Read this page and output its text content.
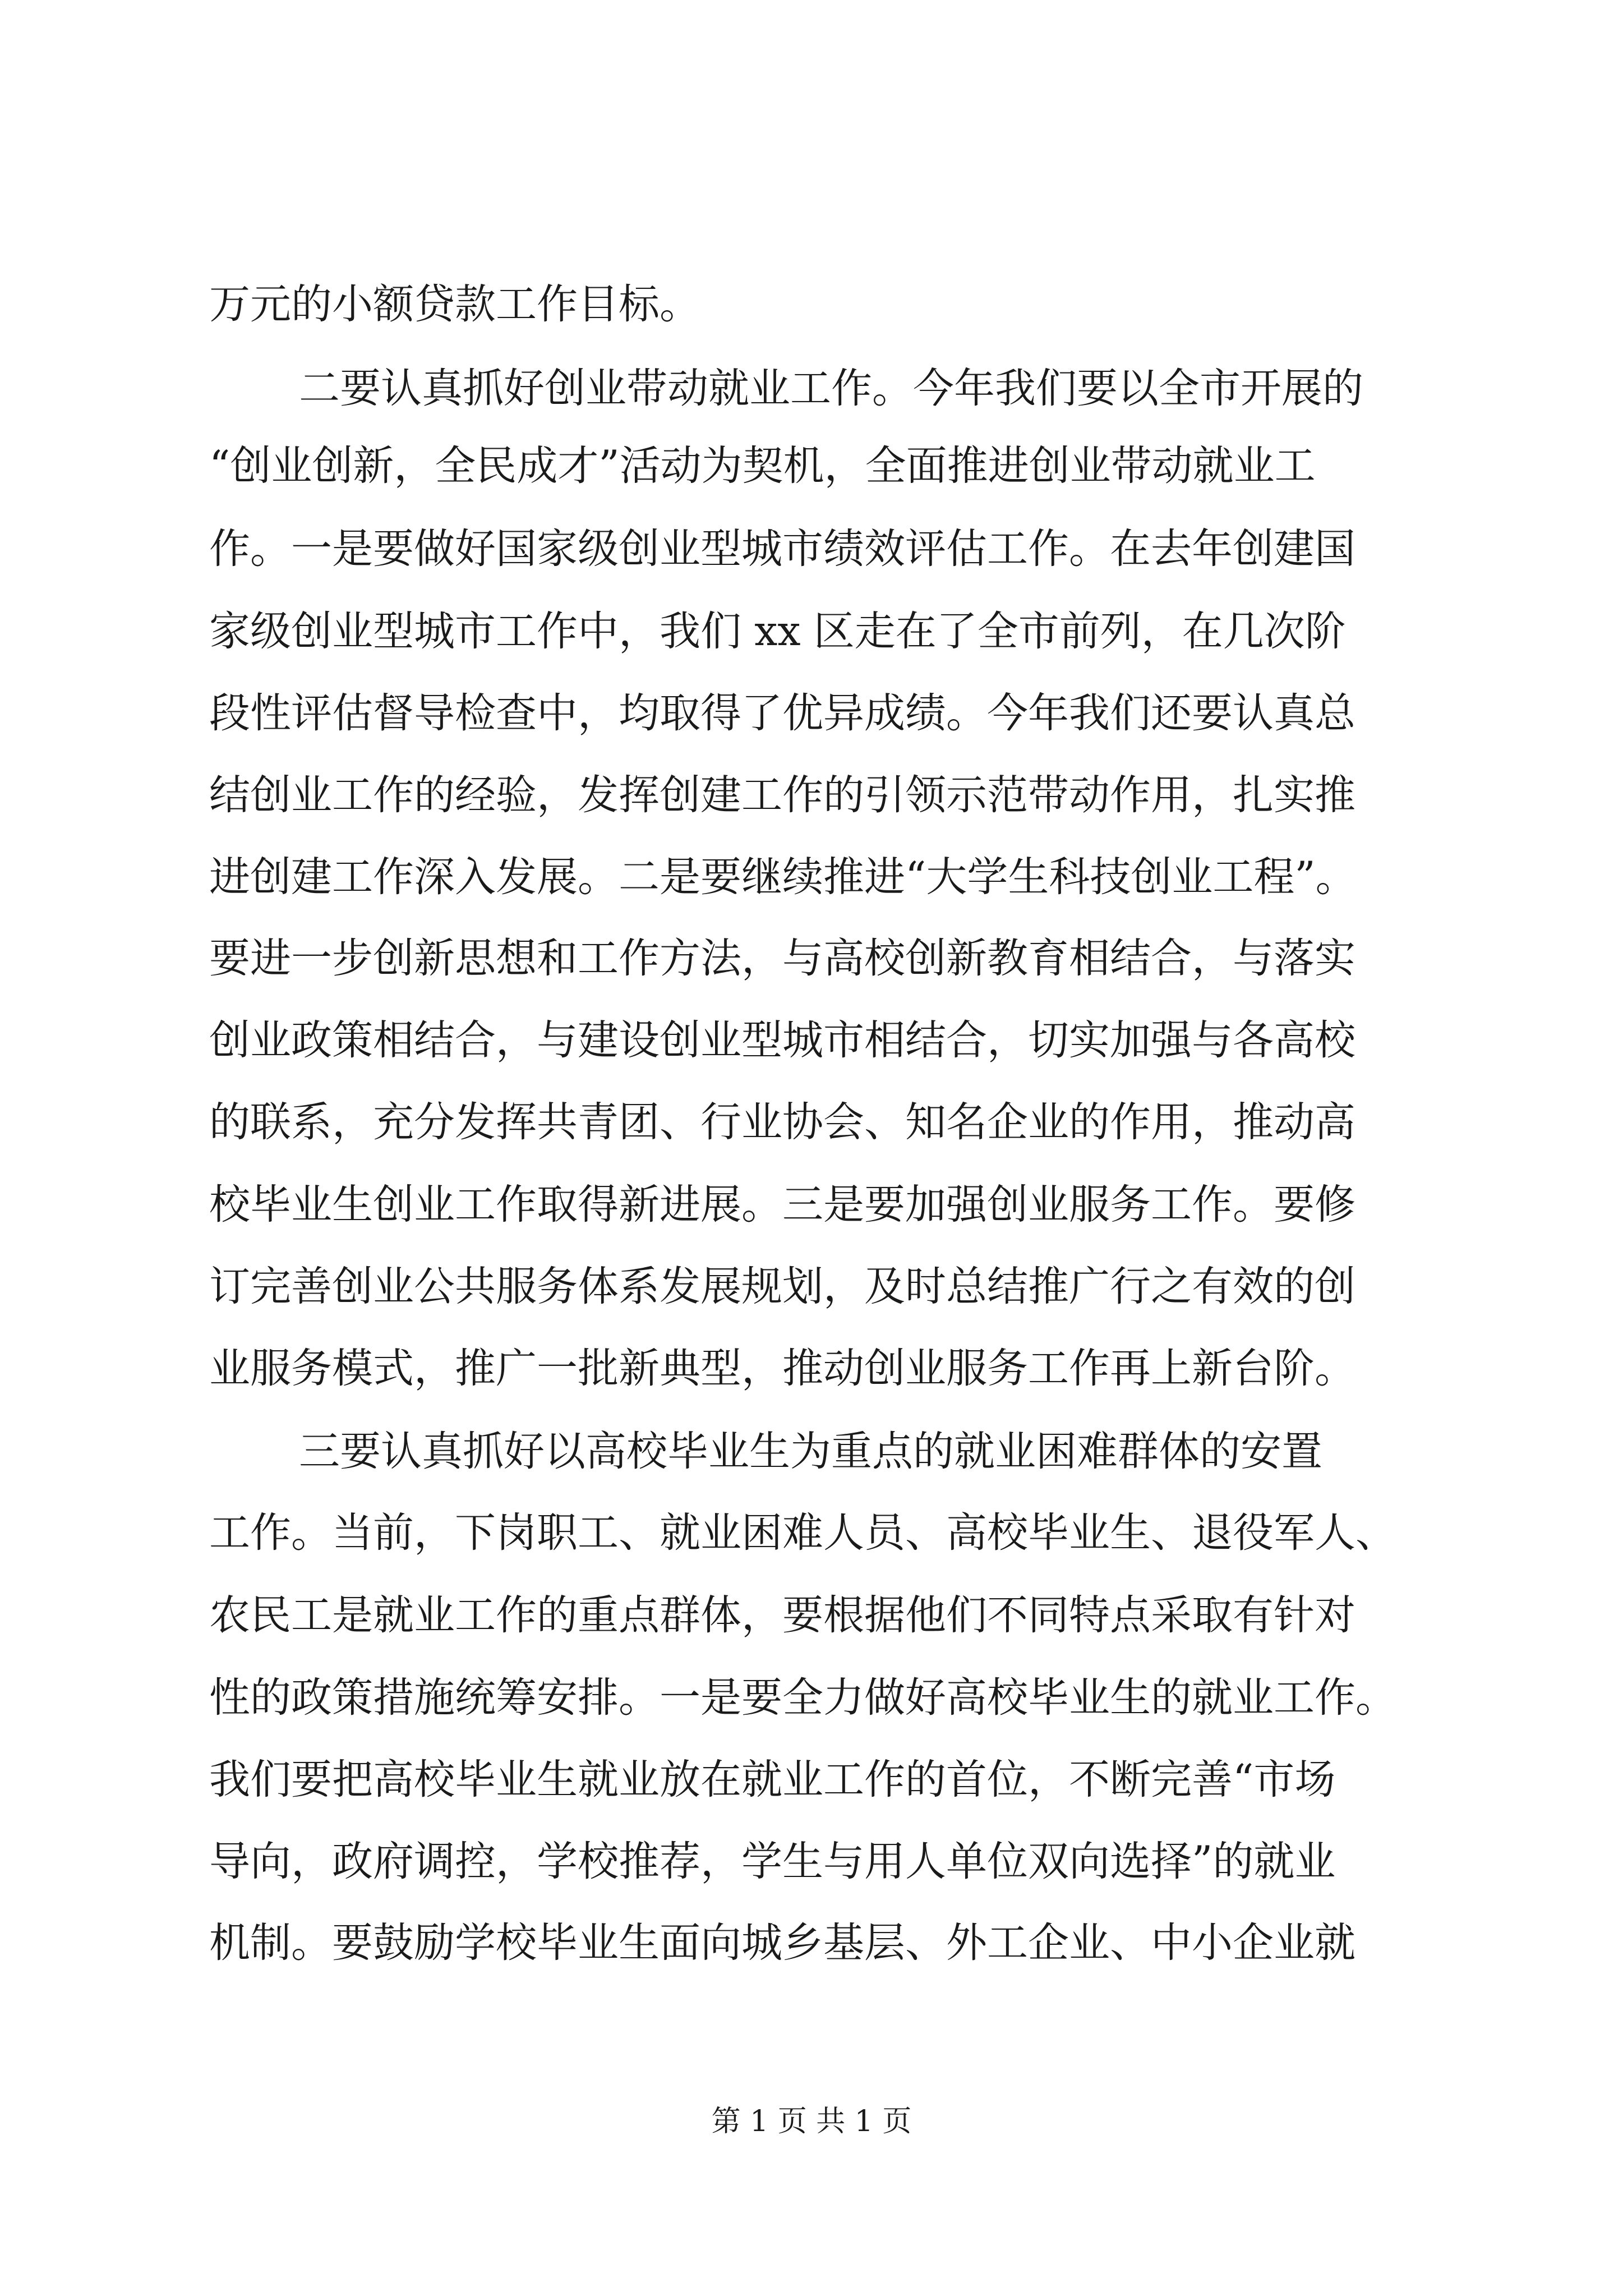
万元的小额贷款工作目标。
二要认真抓好创业带动就业工作。今年我们要以全市开展的
“创业创新，全民成才”活动为契机，全面推进创业带动就业工
作。一是要做好国家级创业型城市绩效评估工作。在去年创建国
家级创业型城市工作中，我们 xx 区走在了全市前列，在几次阶
段性评估督导检查中，均取得了优异成绩。今年我们还要认真总
结创业工作的经验，发挥创建工作的引领示范带动作用，扎实推
进创建工作深入发展。二是要继续推进“大学生科技创业工程”。
要进一步创新思想和工作方法，与高校创新教育相结合，与落实
创业政策相结合，与建设创业型城市相结合，切实加强与各高校
的联系，充分发挥共青团、行业协会、知名企业的作用，推动高
校毕业生创业工作取得新进展。三是要加强创业服务工作。要修
订完善创业公共服务体系发展规划，及时总结推广行之有效的创
业服务模式，推广一批新典型，推动创业服务工作再上新台阶。
三要认真抓好以高校毕业生为重点的就业困难群体的安置
工作。当前，下岗职工、就业困难人员、高校毕业生、退役军人、
农民工是就业工作的重点群体，要根据他们不同特点采取有针对
性的政策措施统筹安排。一是要全力做好高校毕业生的就业工作。
我们要把高校毕业生就业放在就业工作的首位，不断完善“市场
导向，政府调控，学校推荐，学生与用人单位双向选择”的就业
机制。要鼓励学校毕业生面向城乡基层、外工企业、中小企业就
第 1 页 共 1 页
